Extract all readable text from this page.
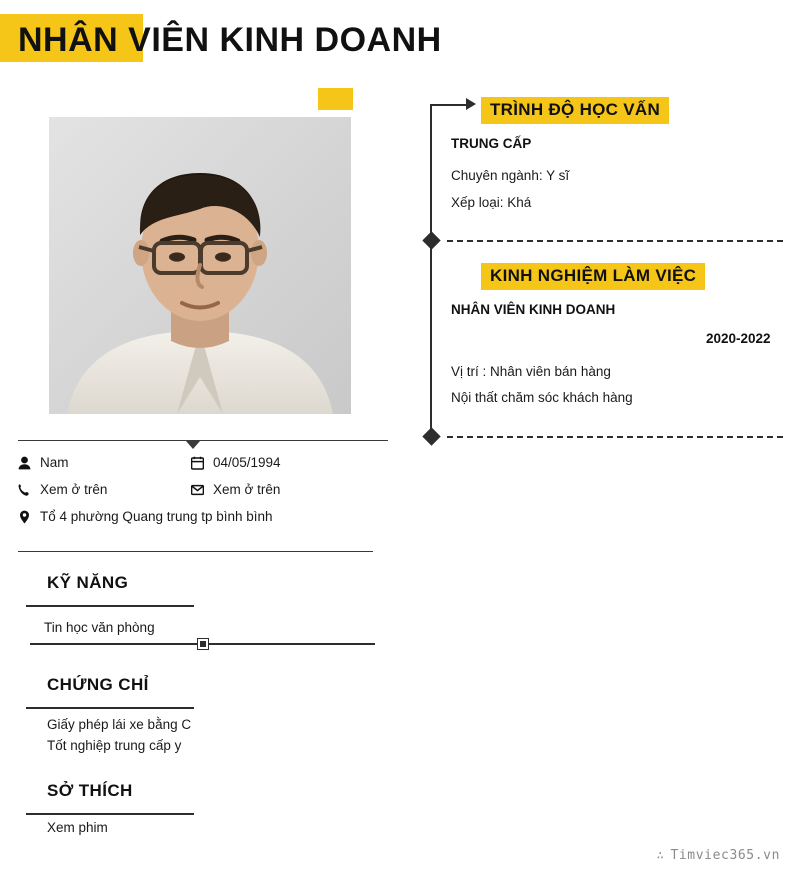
NHÂN VIÊN KINH DOANH
Nam	04/05/1994
Xem ở trên	Xem ở trên
Tổ 4 phường Quang trung tp bình bình
KỸ NĂNG
Tin học văn phòng
CHỨNG CHỈ
Giấy phép lái xe bằng C
Tốt nghiệp trung cấp y
SỞ THÍCH
Xem phim
TRÌNH ĐỘ HỌC VẤN
TRUNG CẤP
Chuyên ngành: Y sĩ
Xếp loại: Khá
KINH NGHIỆM LÀM VIỆC
NHÂN VIÊN KINH DOANH
2020-2022
Vị trí : Nhân viên bán hàng
Nội thất chăm sóc khách hàng
∴ Timviec365.vn
